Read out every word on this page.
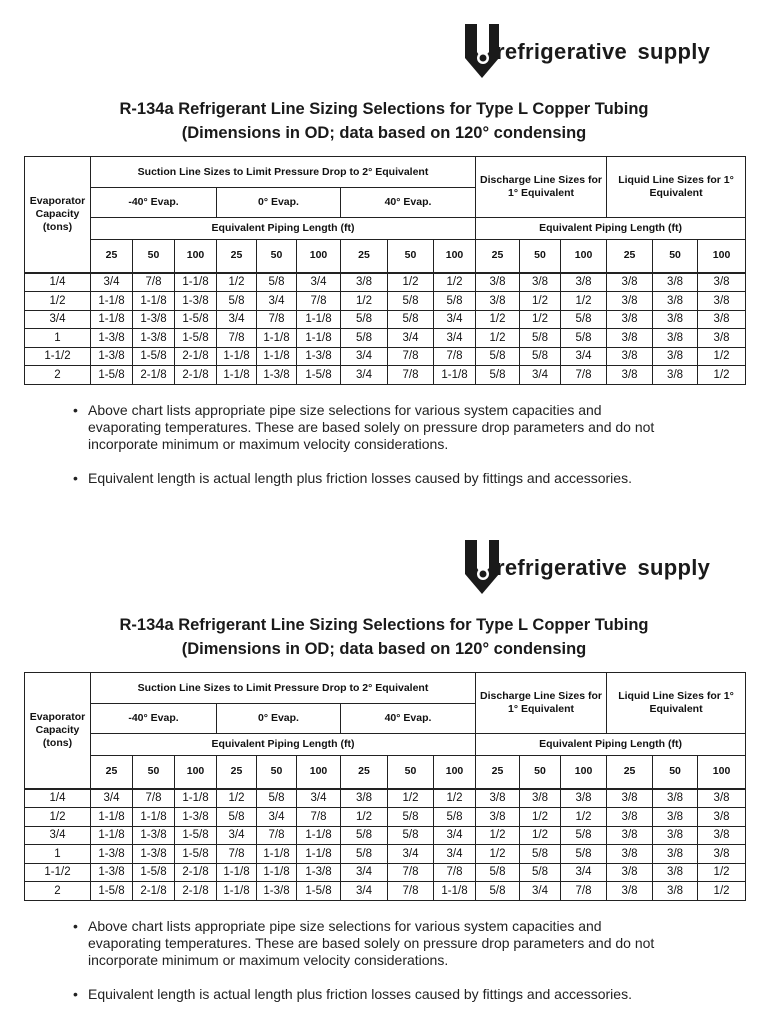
refrigerative supply
R-134a Refrigerant Line Sizing Selections for Type L Copper Tubing
(Dimensions in OD; data based on 120° condensing
Evaporator Capacity (tons)	Suction Line Sizes to Limit Pressure Drop to 2° Equivalent									Discharge Line Sizes for 1° Equivalent			Liquid Line Sizes for 1° Equivalent		
	-40° Evap.			0° Evap.			40° Evap.								
	Equivalent Piping Length (ft)									Equivalent Piping Length (ft)					
	25	50	100	25	50	100	25	50	100	25	50	100	25	50	100
1/4	3/4	7/8	1-1/8	1/2	5/8	3/4	3/8	1/2	1/2	3/8	3/8	3/8	3/8	3/8	3/8
1/2	1-1/8	1-1/8	1-3/8	5/8	3/4	7/8	1/2	5/8	5/8	3/8	1/2	1/2	3/8	3/8	3/8
3/4	1-1/8	1-3/8	1-5/8	3/4	7/8	1-1/8	5/8	5/8	3/4	1/2	1/2	5/8	3/8	3/8	3/8
1	1-3/8	1-3/8	1-5/8	7/8	1-1/8	1-1/8	5/8	3/4	3/4	1/2	5/8	5/8	3/8	3/8	3/8
1-1/2	1-3/8	1-5/8	2-1/8	1-1/8	1-1/8	1-3/8	3/4	7/8	7/8	5/8	5/8	3/4	3/8	3/8	1/2
2	1-5/8	2-1/8	2-1/8	1-1/8	1-3/8	1-5/8	3/4	7/8	1-1/8	5/8	3/4	7/8	3/8	3/8	1/2
• Above chart lists appropriate pipe size selections for various system capacities and evaporating temperatures. These are based solely on pressure drop parameters and do not incorporate minimum or maximum velocity considerations.
• Equivalent length is actual length plus friction losses caused by fittings and accessories.
refrigerative supply
R-134a Refrigerant Line Sizing Selections for Type L Copper Tubing
(Dimensions in OD; data based on 120° condensing
Evaporator Capacity (tons)	Suction Line Sizes to Limit Pressure Drop to 2° Equivalent									Discharge Line Sizes for 1° Equivalent			Liquid Line Sizes for 1° Equivalent		
	-40° Evap.			0° Evap.			40° Evap.								
	Equivalent Piping Length (ft)									Equivalent Piping Length (ft)					
	25	50	100	25	50	100	25	50	100	25	50	100	25	50	100
1/4	3/4	7/8	1-1/8	1/2	5/8	3/4	3/8	1/2	1/2	3/8	3/8	3/8	3/8	3/8	3/8
1/2	1-1/8	1-1/8	1-3/8	5/8	3/4	7/8	1/2	5/8	5/8	3/8	1/2	1/2	3/8	3/8	3/8
3/4	1-1/8	1-3/8	1-5/8	3/4	7/8	1-1/8	5/8	5/8	3/4	1/2	1/2	5/8	3/8	3/8	3/8
1	1-3/8	1-3/8	1-5/8	7/8	1-1/8	1-1/8	5/8	3/4	3/4	1/2	5/8	5/8	3/8	3/8	3/8
1-1/2	1-3/8	1-5/8	2-1/8	1-1/8	1-1/8	1-3/8	3/4	7/8	7/8	5/8	5/8	3/4	3/8	3/8	1/2
2	1-5/8	2-1/8	2-1/8	1-1/8	1-3/8	1-5/8	3/4	7/8	1-1/8	5/8	3/4	7/8	3/8	3/8	1/2
• Above chart lists appropriate pipe size selections for various system capacities and evaporating temperatures. These are based solely on pressure drop parameters and do not incorporate minimum or maximum velocity considerations.
• Equivalent length is actual length plus friction losses caused by fittings and accessories.
